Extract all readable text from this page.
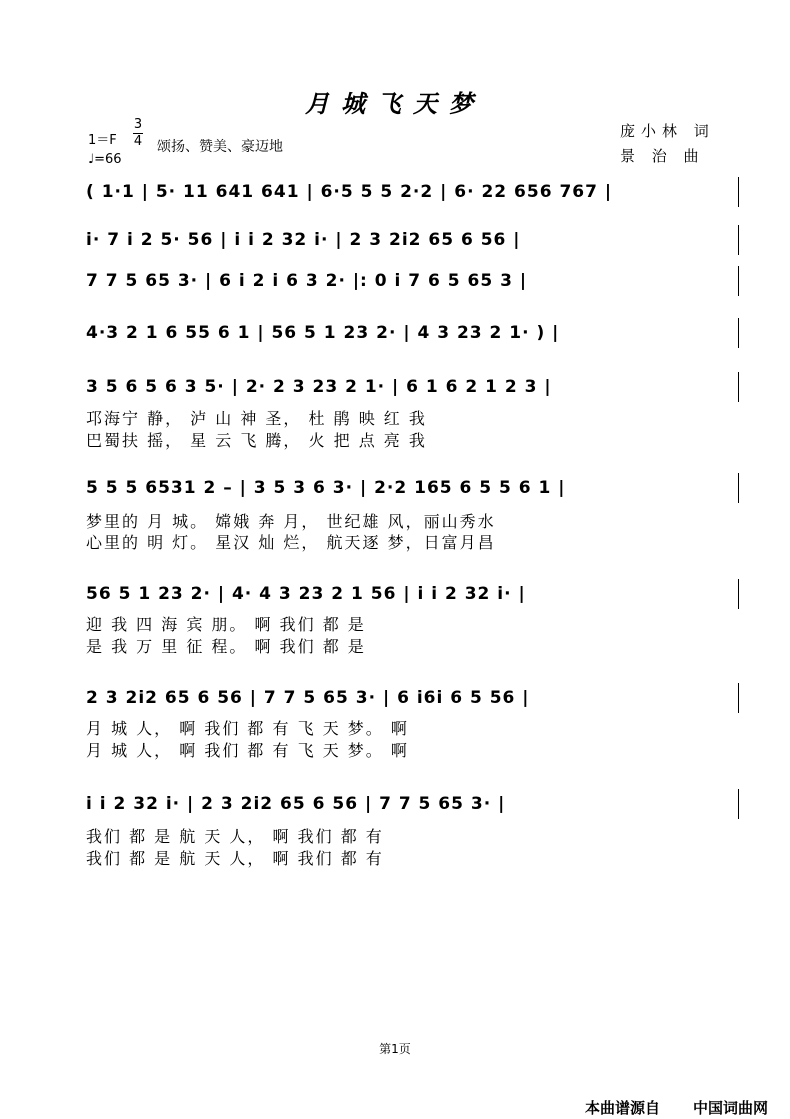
月城飞天梦
1＝F
3
4
♩=66
颂扬、赞美、豪迈地
庞小林 词
景 治 曲
( 1·1 | 5· 11 641 641 | 6·5 5 5 2·2 | 6· 22 656 767 |
i· 7 i 2 5· 56 | i i 2 32 i· | 2 3 2i2 65 6 56 |
7 7 5 65 3· | 6 i 2 i 6 3 2· |: 0 i 7 6 5 65 3 |
4·3 2 1 6 55 6 1 | 56 5 1 23 2· | 4 3 23 2 1· ) |
3 5 6 5 6 3 5· | 2· 2 3 23 2 1· | 6 1 6 2 1 2 3 |
邛海宁 静， 泸 山 神 圣， 杜 鹃 映 红 我
巴蜀扶 摇， 星 云 飞 腾， 火 把 点 亮 我
5 5 5 6531 2 – | 3 5 3 6 3· | 2·2 165 6 5 5 6 1 |
梦里的 月 城。 嫦娥 奔 月， 世纪雄 风，丽山秀水
心里的 明 灯。 星汉 灿 烂， 航天逐 梦，日富月昌
56 5 1 23 2· | 4· 4 3 23 2 1 56 | i i 2 32 i· |
迎 我 四 海 宾 朋。 啊 我们 都 是
是 我 万 里 征 程。 啊 我们 都 是
2 3 2i2 65 6 56 | 7 7 5 65 3· | 6 i6i 6 5 56 |
月 城 人， 啊 我们 都 有 飞 天 梦。 啊
月 城 人， 啊 我们 都 有 飞 天 梦。 啊
i i 2 32 i· | 2 3 2i2 65 6 56 | 7 7 5 65 3· |
我们 都 是 航 天 人， 啊 我们 都 有
我们 都 是 航 天 人， 啊 我们 都 有
第1页
本曲谱源自 中国词曲网
